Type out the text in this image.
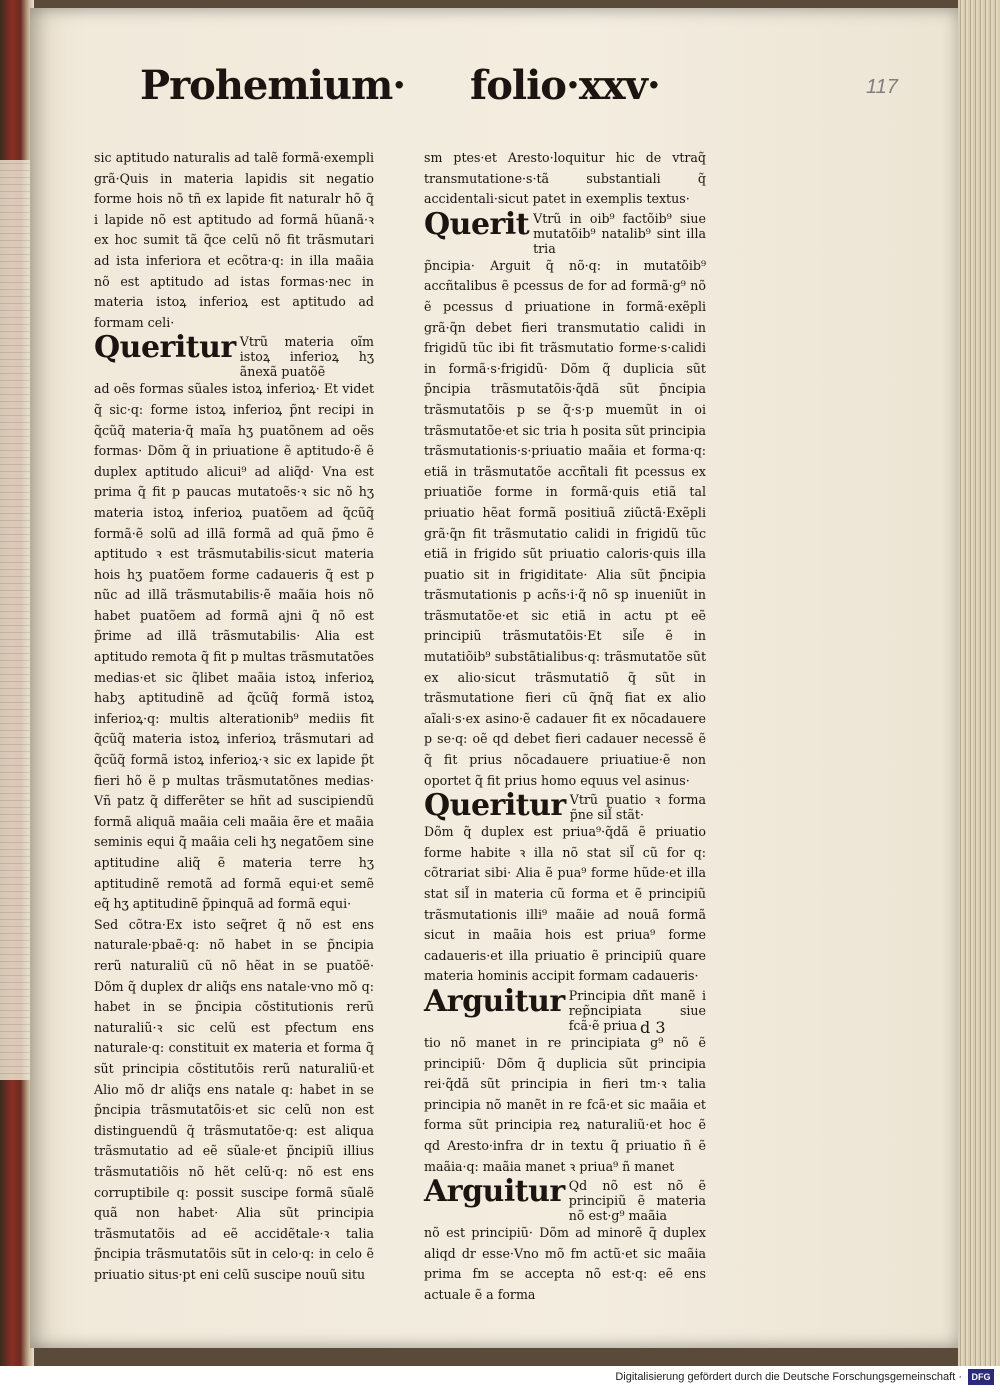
Prohemium·
folio·xxv·	117

sic aptitudo naturalis ad talẽ formã·exempli grã·Quis in materia lapidis sit negatio forme hois nõ tñ ex lapide fit naturalr hõ q̃ i lapide nõ est aptitudo ad formã hũanã·ꝛ ex hoc sumit tã q̃ce celũ nõ fit trãsmutari ad ista inferiora et ecõtra·q: in illa maãia nõ est aptitudo ad istas formas·nec in materia istoꝝ inferioꝝ est aptitudo ad formam celi·

Queritur Vtrũ materia oĩm istoꝝ inferioꝝ hʒ ãnexã puatõẽ

ad oẽs formas sũales istoꝝ inferioꝝ· Et videt q̃ sic·q: forme istoꝝ inferioꝝ p̃nt recipi in q̃cũq̃ materia·q̃ maĩa hʒ puatõnem ad oẽs formas· Dõm q̃ in priuatione ẽ aptitudo·ẽ ẽ duplex aptitudo alicui⁹ ad aliq̃d· Vna est prima q̃ fit p paucas mutatoẽs·ꝛ sic nõ hʒ materia istoꝝ inferioꝝ puatõem ad q̃cũq̃ formã·ẽ solũ ad illã formã ad quã p̃mo ẽ aptitudo ꝛ est trãsmutabilis·sicut materia hois hʒ puatõem forme cadaueris q̃ est p nũc ad illã trãsmutabilis·ẽ maãia hois nõ habet puatõem ad formã ajni q̃ nõ est p̃rime ad illã trãsmutabilis· Alia est aptitudo remota q̃ fit p multas trãsmutatões medias·et sic q̃libet maãia istoꝝ inferioꝝ habʒ aptitudinẽ ad q̃cũq̃ formã istoꝝ inferioꝝ·q: multis alterationib⁹ mediis fit q̃cũq̃ materia istoꝝ inferioꝝ trãsmutari ad q̃cũq̃ formã istoꝝ inferioꝝ·ꝛ sic ex lapide p̃t fieri hõ ẽ p multas trãsmutatõnes medias· Vñ patz q̃ differẽter se hñt ad suscipiendũ formã aliquã maãia celi maãia ẽre et maãia seminis equi q̃ maãia celi hʒ negatõem sine aptitudine aliq̃ ẽ materia terre hʒ aptitudinẽ remotã ad formã equi·et semẽ eq̃ hʒ aptitudinẽ p̃pinquã ad formã equi·

Sed cõtra·Ex isto seq̃ret q̃ nõ est ens naturale·pbaẽ·q: nõ habet in se p̃ncipia rerũ naturaliũ cũ nõ hẽat in se puatõẽ· Dõm q̃ duplex dr aliq̃s ens natale·vno mõ q: habet in se p̃ncipia cõstitutionis rerũ naturaliũ·ꝛ sic celũ est pfectum ens naturale·q: constituit ex materia et forma q̃ sũt principia cõstitutõis rerũ naturaliũ·et Alio mõ dr aliq̃s ens natale q: habet in se p̃ncipia trãsmutatõis·et sic celũ non est distinguendũ q̃ trãsmutatõe·q: est aliqua trãsmutatio ad eẽ sũale·et p̃ncipiũ illius trãsmutatiõis nõ hẽt celũ·q: nõ est ens corruptibile q: possit suscipe formã sũalẽ quã non habet· Alia sũt principia trãsmutatõis ad eẽ accidẽtale·ꝛ talia p̃ncipia trãsmutatõis sũt in celo·q: in celo ẽ priuatio situs·pt eni celũ suscipe nouũ situ

sm ptes·et Aresto·loquitur hic de vtraq̃ transmutatione·s·tã substantiali q̃ accidentali·sicut patet in exemplis textus·

Querit Vtrũ in oib⁹ factõib⁹ siue mutatõib⁹ natalib⁹ sint illa tria

p̃ncipia· Arguit q̃ nõ·q: in mutatõib⁹ accñtalibus ẽ pcessus de for ad formã·g⁹ nõ ẽ pcessus d priuatione in formã·exẽpli grã·q̃n debet fieri transmutatio calidi in frigidũ tũc ibi fit trãsmutatio forme·s·calidi in formã·s·frigidũ· Dõm q̃ duplicia sũt p̃ncipia trãsmutatõis·q̃dã sũt p̃ncipia trãsmutatõis p se q̃·s·p muemũt in oi trãsmutatõe·et sic tria h posita sũt principia trãsmutationis·s·priuatio maãia et forma·q: etiã in trãsmutatõe accñtali fit pcessus ex priuatiõe forme in formã·quis etiã tal priuatio hẽat formã positiuã ziũctã·Exẽpli grã·q̃n fit trãsmutatio calidi in frigidũ tũc etiã in frigido sũt priuatio caloris·quis illa puatio sit in frigiditate· Alia sũt p̃ncipia trãsmutationis p acñs·i·q̃ nõ sp inueniũt in trãsmutatõe·et sic etiã in actu pt eẽ principiũ trãsmutatõis·Et sil̃e ẽ in mutatiõib⁹ substãtialibus·q: trãsmutatõe sũt ex alio·sicut trãsmutatiõ q̃ sũt in trãsmutatione fieri cũ q̃nq̃ fiat ex alio aĩali·s·ex asino·ẽ cadauer fit ex nõcadauere p se·q: oẽ qd debet fieri cadauer necessẽ ẽ q̃ fit prius nõcadauere priuatiue·ẽ non oportet q̃ fit prius homo equus vel asinus·

Queritur Vtrũ puatio ꝛ forma p̃ne sil̃ stãt·

Dõm q̃ duplex est priua⁹·q̃dã ẽ priuatio forme habite ꝛ illa nõ stat sil̃ cũ for q: cõtrariat sibi· Alia ẽ pua⁹ forme hũde·et illa stat sil̃ in materia cũ forma et ẽ principiũ trãsmutationis illi⁹ maãie ad nouã formã sicut in maãia hois est priua⁹ forme cadaueris·et illa priuatio ẽ principiũ quare materia hominis accipit formam cadaueris·

Arguitur Principia dñt manẽ i rep̃ncipiata siue fcã·ẽ priua

tio nõ manet in re principiata g⁹ nõ ẽ principiũ· Dõm q̃ duplicia sũt principia rei·q̃dã sũt principia in fieri tm·ꝛ talia principia nõ manẽt in re fcã·et sic maãia et forma sũt principia reꝝ naturaliũ·et hoc ẽ qd Aresto·infra dr in textu q̃ priuatio ñ ẽ maãia·q: maãia manet ꝛ priua⁹ ñ manet

Arguitur Qd nõ est nõ ẽ principiũ ẽ materia nõ est·g⁹ maãia

nõ est principiũ· Dõm ad minorẽ q̃ duplex aliqd dr esse·Vno mõ fm actũ·et sic maãia prima fm se accepta nõ est·q: eẽ ens actuale ẽ a forma

d 3
Digitalisierung gefördert durch die Deutsche Forschungsgemeinschaft ·	DFG
